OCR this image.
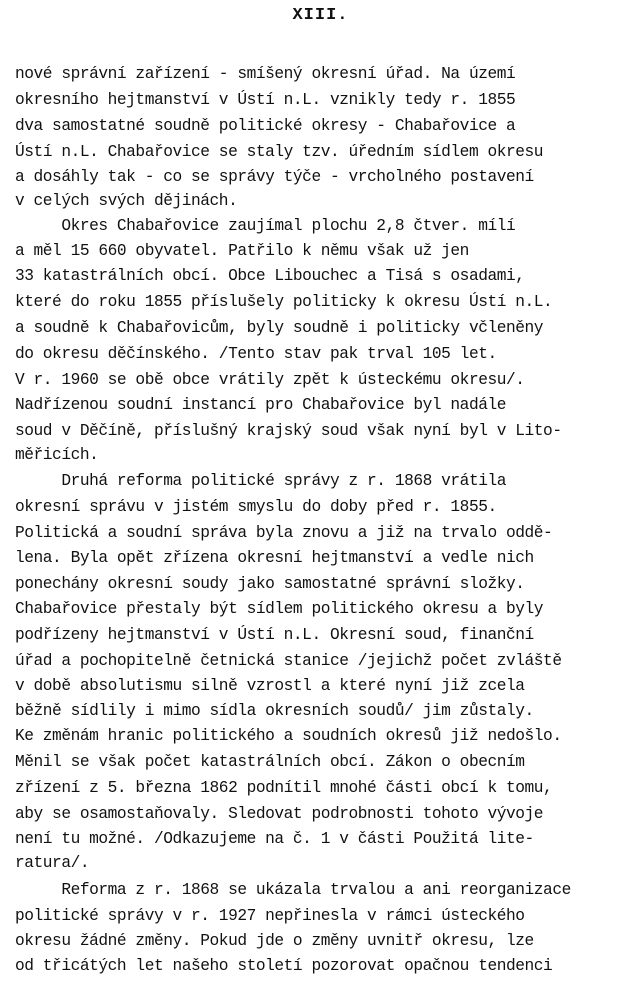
XIII.
nové správní zařízení - smíšený okresní úřad. Na území
okresního hejtmanství v Ústí n.L. vznikly tedy r. 1855
dva samostatné soudně politické okresy - Chabařovice a
Ústí n.L. Chabařovice se staly tzv. úředním sídlem okresu
a dosáhly tak - co se správy týče - vrcholného postavení
v celých svých dějinách.
Okres Chabařovice zaujímal plochu 2,8 čtver. mílí
a měl 15 660 obyvatel. Patřilo k němu však už jen
33 katastrálních obcí. Obce Libouchec a Tisá s osadami,
které do roku 1855 příslušely politicky k okresu Ústí n.L.
a soudně k Chabařovicům, byly soudně i politicky včleněny
do okresu děčínského. /Tento stav pak trval 105 let.
V r. 1960 se obě obce vrátily zpět k ústeckému okresu/.
Nadřízenou soudní instancí pro Chabařovice byl nadále
soud v Děčíně, příslušný krajský soud však nyní byl v Lito-
měřicích.
Druhá reforma politické správy z r. 1868 vrátila
okresní správu v jistém smyslu do doby před r. 1855.
Politická a soudní správa byla znovu a již na trvalo oddě-
lena. Byla opět zřízena okresní hejtmanství a vedle nich
ponechány okresní soudy jako samostatné správní složky.
Chabařovice přestaly být sídlem politického okresu a byly
podřízeny hejtmanství v Ústí n.L. Okresní soud, finanční
úřad a pochopitelně četnická stanice /jejichž počet zvláště
v době absolutismu silně vzrostl a které nyní již zcela
běžně sídlily i mimo sídla okresních soudů/ jim zůstaly.
Ke změnám hranic politického a soudních okresů již nedošlo.
Měnil se však počet katastrálních obcí. Zákon o obecním
zřízení z 5. března 1862 podnítil mnohé části obcí k tomu,
aby se osamostaňovaly. Sledovat podrobnosti tohoto vývoje
není tu možné. /Odkazujeme na č. 1 v části Použitá lite-
ratura/.
Reforma z r. 1868 se ukázala trvalou a ani reorganizace
politické správy v r. 1927 nepřinesla v rámci ústeckého
okresu žádné změny. Pokud jde o změny uvnitř okresu, lze
od třicátých let našeho století pozorovat opačnou tendenci
